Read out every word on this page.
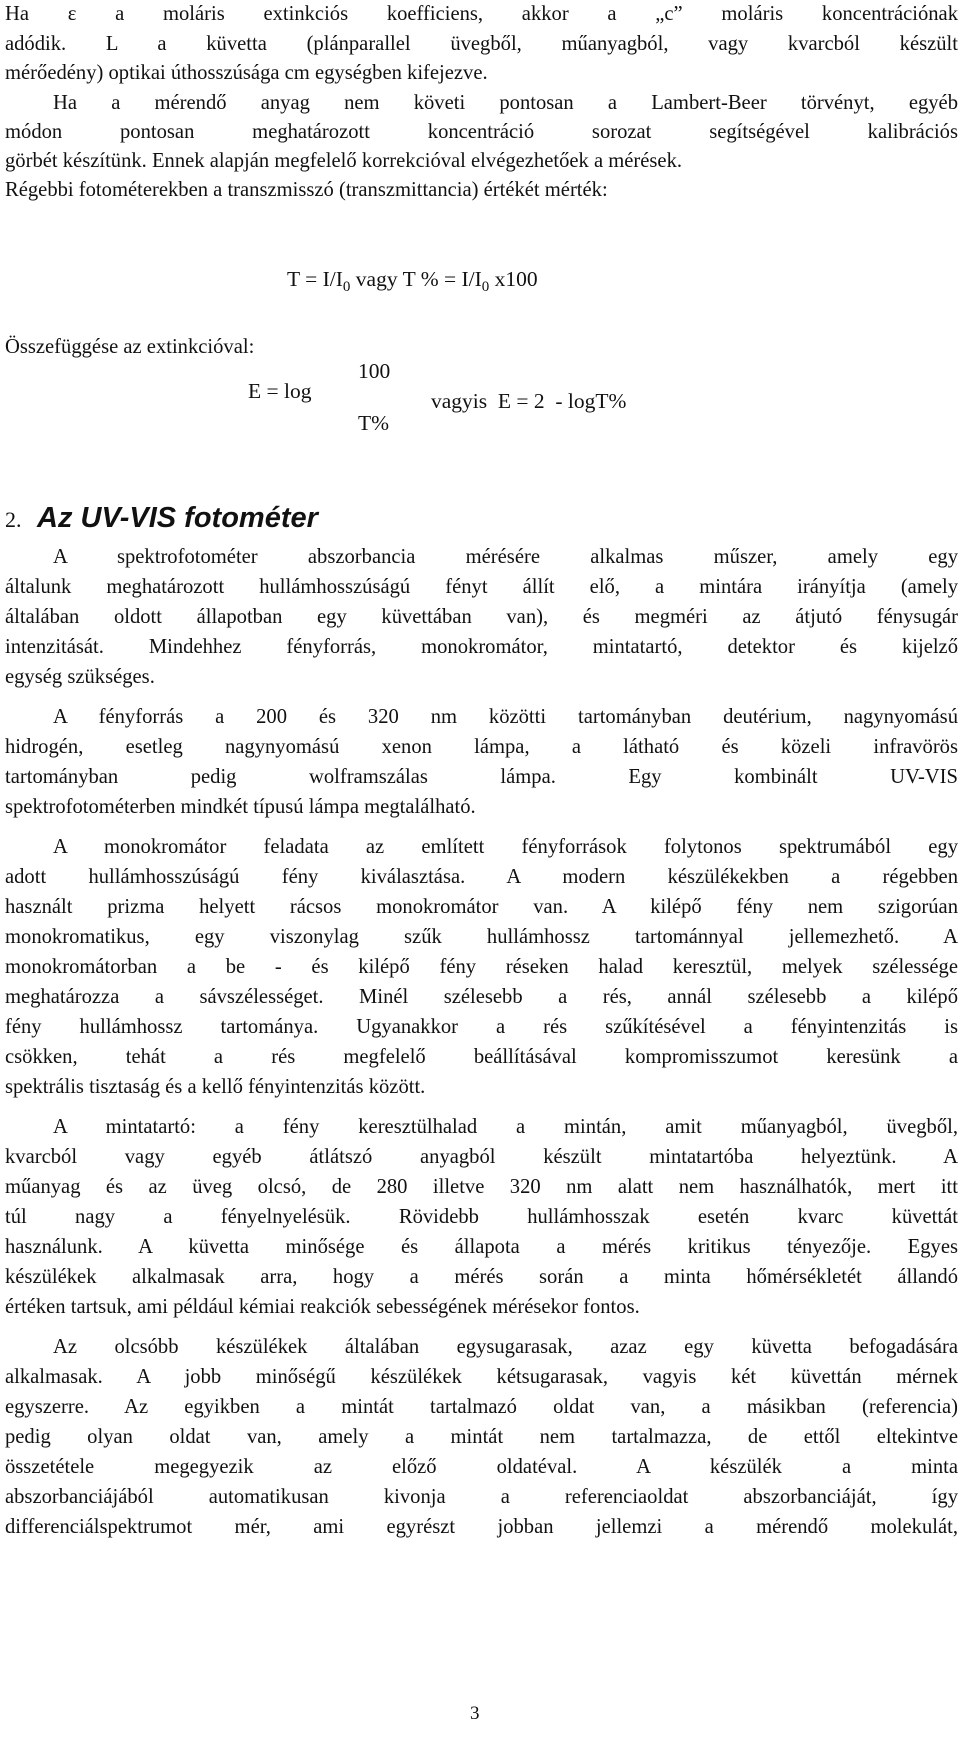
Ha ε a moláris extinkciós koefficiens, akkor a „c” moláris koncentrációnak
adódik. L a küvetta (plánparallel üvegből, műanyagból, vagy kvarcból készült
mérőedény) optikai úthosszúsága cm egységben kifejezve.
Ha a mérendő anyag nem követi pontosan a Lambert-Beer törvényt, egyéb
módon pontosan meghatározott koncentráció sorozat segítségével kalibrációs
görbét készítünk. Ennek alapján megfelelő korrekcióval elvégezhetőek a mérések.
Régebbi fotométerekben a transzmisszó (transzmittancia) értékét mérték:
$T = I/I_0$ vagy T % = $I/I_0$ x100
Összefüggése az extinkcióval:
E = log
100
T%
vagyis  E = 2  - logT%
2. Az UV-VIS fotométer
A spektrofotométer abszorbancia mérésére alkalmas műszer, amely egy
általunk meghatározott hullámhosszúságú fényt állít elő, a mintára irányítja (amely
általában oldott állapotban egy küvettában van), és megméri az átjutó fénysugár
intenzitását. Mindehhez fényforrás, monokromátor, mintatartó, detektor és kijelző
egység szükséges.
A fényforrás a 200 és 320 nm közötti tartományban deutérium, nagynyomású
hidrogén, esetleg nagynyomású xenon lámpa, a látható és közeli infravörös
tartományban pedig wolframszálas lámpa. Egy kombinált UV-VIS
spektrofotométerben mindkét típusú lámpa megtalálható.
A monokromátor feladata az említett fényforrások folytonos spektrumából egy
adott hullámhosszúságú fény kiválasztása. A modern készülékekben a régebben
használt prizma helyett rácsos monokromátor van. A kilépő fény nem szigorúan
monokromatikus, egy viszonylag szűk hullámhossz tartománnyal jellemezhető. A
monokromátorban a be - és kilépő fény réseken halad keresztül, melyek szélessége
meghatározza a sávszélességet. Minél szélesebb a rés, annál szélesebb a kilépő
fény hullámhossz tartománya. Ugyanakkor a rés szűkítésével a fényintenzitás is
csökken, tehát a rés megfelelő beállításával kompromisszumot keresünk a
spektrális tisztaság és a kellő fényintenzitás között.
A mintatartó: a fény keresztülhalad a mintán, amit műanyagból, üvegből,
kvarcból vagy egyéb átlátszó anyagból készült mintatartóba helyeztünk. A
műanyag és az üveg olcsó, de 280 illetve 320 nm alatt nem használhatók, mert itt
túl nagy a fényelnyelésük. Rövidebb hullámhosszak esetén kvarc küvettát
használunk. A küvetta minősége és állapota a mérés kritikus tényezője. Egyes
készülékek alkalmasak arra, hogy a mérés során a minta hőmérsékletét állandó
értéken tartsuk, ami például kémiai reakciók sebességének mérésekor fontos.
Az olcsóbb készülékek általában egysugarasak, azaz egy küvetta befogadására
alkalmasak. A jobb minőségű készülékek kétsugarasak, vagyis két küvettán mérnek
egyszerre. Az egyikben a mintát tartalmazó oldat van, a másikban (referencia)
pedig olyan oldat van, amely a mintát nem tartalmazza, de ettől eltekintve
összetétele megegyezik az előző oldatéval. A készülék a minta
abszorbanciájából automatikusan kivonja a referenciaoldat abszorbanciáját, így
differenciálspektrumot mér, ami egyrészt jobban jellemzi a mérendő molekulát,
3
